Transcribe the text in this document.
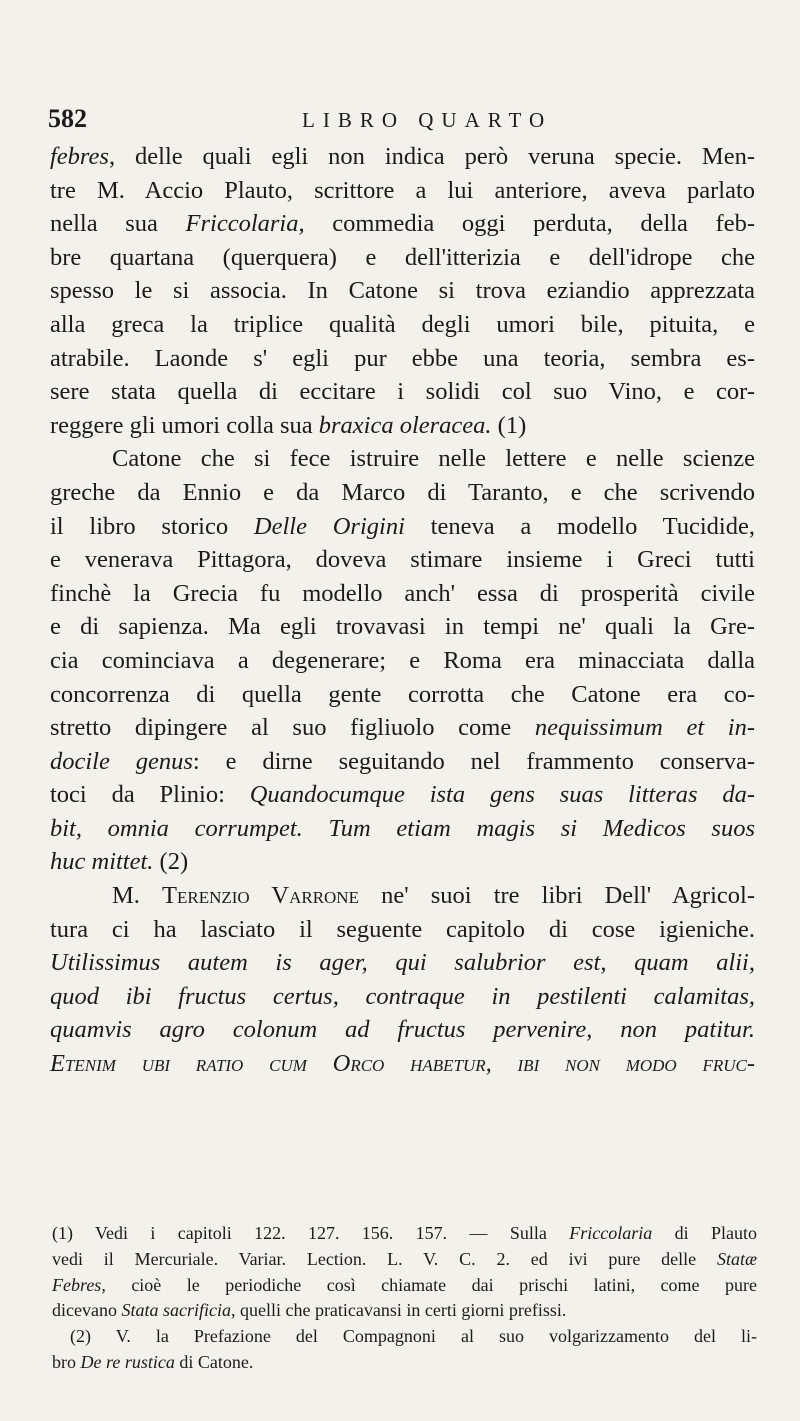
582	LIBRO QUARTO
febres, delle quali egli non indica però veruna specie. Men-
tre M. Accio Plauto, scrittore a lui anteriore, aveva parlato
nella sua Friccolaria, commedia oggi perduta, della feb-
bre quartana (querquera) e dell'itterizia e dell'idrope che
spesso le si associa. In Catone si trova eziandio apprezzata
alla greca la triplice qualità degli umori bile, pituita, e
atrabile. Laonde s' egli pur ebbe una teoria, sembra es-
sere stata quella di eccitare i solidi col suo Vino, e cor-
reggere gli umori colla sua braxica oleracea. (1)
Catone che si fece istruire nelle lettere e nelle scienze
greche da Ennio e da Marco di Taranto, e che scrivendo
il libro storico Delle Origini teneva a modello Tucidide,
e venerava Pittagora, doveva stimare insieme i Greci tutti
finchè la Grecia fu modello anch' essa di prosperità civile
e di sapienza. Ma egli trovavasi in tempi ne' quali la Gre-
cia cominciava a degenerare; e Roma era minacciata dalla
concorrenza di quella gente corrotta che Catone era co-
stretto dipingere al suo figliuolo come nequissimum et in-
docile genus: e dirne seguitando nel frammento conserva-
toci da Plinio: Quandocumque ista gens suas litteras da-
bit, omnia corrumpet. Tum etiam magis si Medicos suos
huc mittet. (2)
M. Terenzio Varrone ne' suoi tre libri Dell' Agricol-
tura ci ha lasciato il seguente capitolo di cose igieniche.
Utilissimus autem is ager, qui salubrior est, quam alii,
quod ibi fructus certus, contraque in pestilenti calamitas,
quamvis agro colonum ad fructus pervenire, non patitur.
Etenim ubi ratio cum Orco habetur, ibi non modo fruc-
(1) Vedi i capitoli 122. 127. 156. 157. — Sulla Friccolaria di Plauto
vedi il Mercuriale. Variar. Lection. L. V. C. 2. ed ivi pure delle Statæ
Febres, cioè le periodiche così chiamate dai prischi latini, come pure
dicevano Stata sacrificia, quelli che praticavansi in certi giorni prefissi.
(2) V. la Prefazione del Compagnoni al suo volgarizzamento del li-
bro De re rustica di Catone.
